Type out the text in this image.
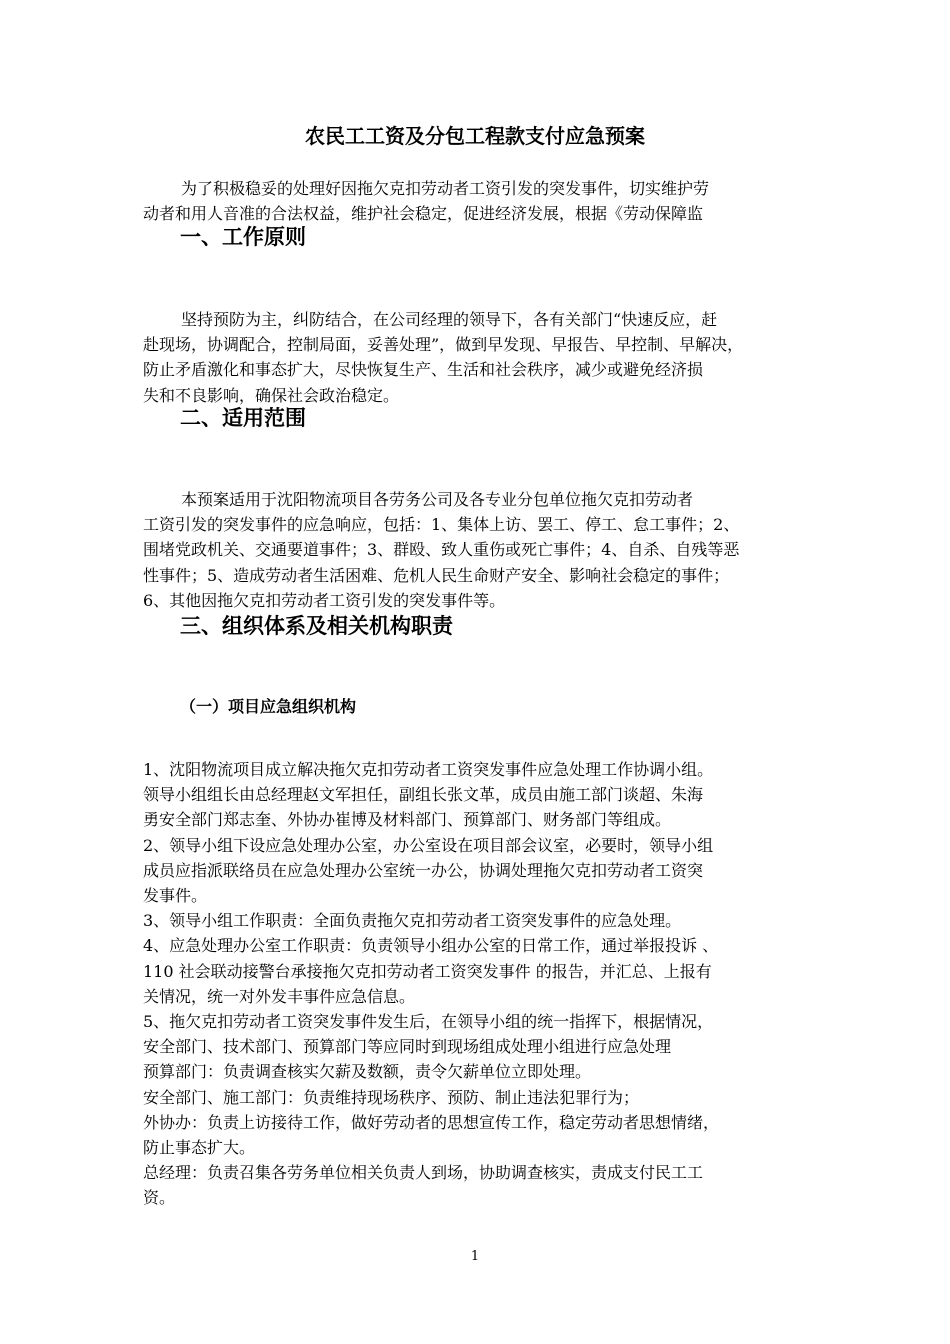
农民工工资及分包工程款支付应急预案
为了积极稳妥的处理好因拖欠克扣劳动者工资引发的突发事件，切实维护劳
动者和用人音准的合法权益，维护社会稳定，促进经济发展，根据《劳动保障监
一、工作原则
坚持预防为主，纠防结合，在公司经理的领导下，各有关部门“快速反应，赶
赴现场，协调配合，控制局面，妥善处理”，做到早发现、早报告、早控制、早解决，
防止矛盾激化和事态扩大，尽快恢复生产、生活和社会秩序，减少或避免经济损
失和不良影响，确保社会政治稳定。
二、适用范围
本预案适用于沈阳物流项目各劳务公司及各专业分包单位拖欠克扣劳动者
工资引发的突发事件的应急响应，包括：1、集体上访、罢工、停工、怠工事件；2、
围堵党政机关、交通要道事件；3、群殴、致人重伤或死亡事件；4、自杀、自残等恶
性事件；5、造成劳动者生活困难、危机人民生命财产安全、影响社会稳定的事件；
6、其他因拖欠克扣劳动者工资引发的突发事件等。
三、组织体系及相关机构职责
（一）项目应急组织机构
1、沈阳物流项目成立解决拖欠克扣劳动者工资突发事件应急处理工作协调小组。
领导小组组长由总经理赵文军担任，副组长张文革，成员由施工部门谈超、朱海
勇安全部门郑志奎、外协办崔博及材料部门、预算部门、财务部门等组成。
2、领导小组下设应急处理办公室，办公室设在项目部会议室，必要时，领导小组
成员应指派联络员在应急处理办公室统一办公，协调处理拖欠克扣劳动者工资突
发事件。
3、领导小组工作职责：全面负责拖欠克扣劳动者工资突发事件的应急处理。
4、应急处理办公室工作职责：负责领导小组办公室的日常工作，通过举报投诉 、
110 社会联动接警台承接拖欠克扣劳动者工资突发事件 的报告，并汇总、上报有
关情况，统一对外发丰事件应急信息。
5、拖欠克扣劳动者工资突发事件发生后，在领导小组的统一指挥下，根据情况，
安全部门、技术部门、预算部门等应同时到现场组成处理小组进行应急处理
预算部门：负责调查核实欠薪及数额，责令欠薪单位立即处理。
安全部门、施工部门：负责维持现场秩序、预防、制止违法犯罪行为；
外协办：负责上访接待工作，做好劳动者的思想宣传工作，稳定劳动者思想情绪，
防止事态扩大。
总经理：负责召集各劳务单位相关负责人到场，协助调查核实，责成支付民工工
资。
1
